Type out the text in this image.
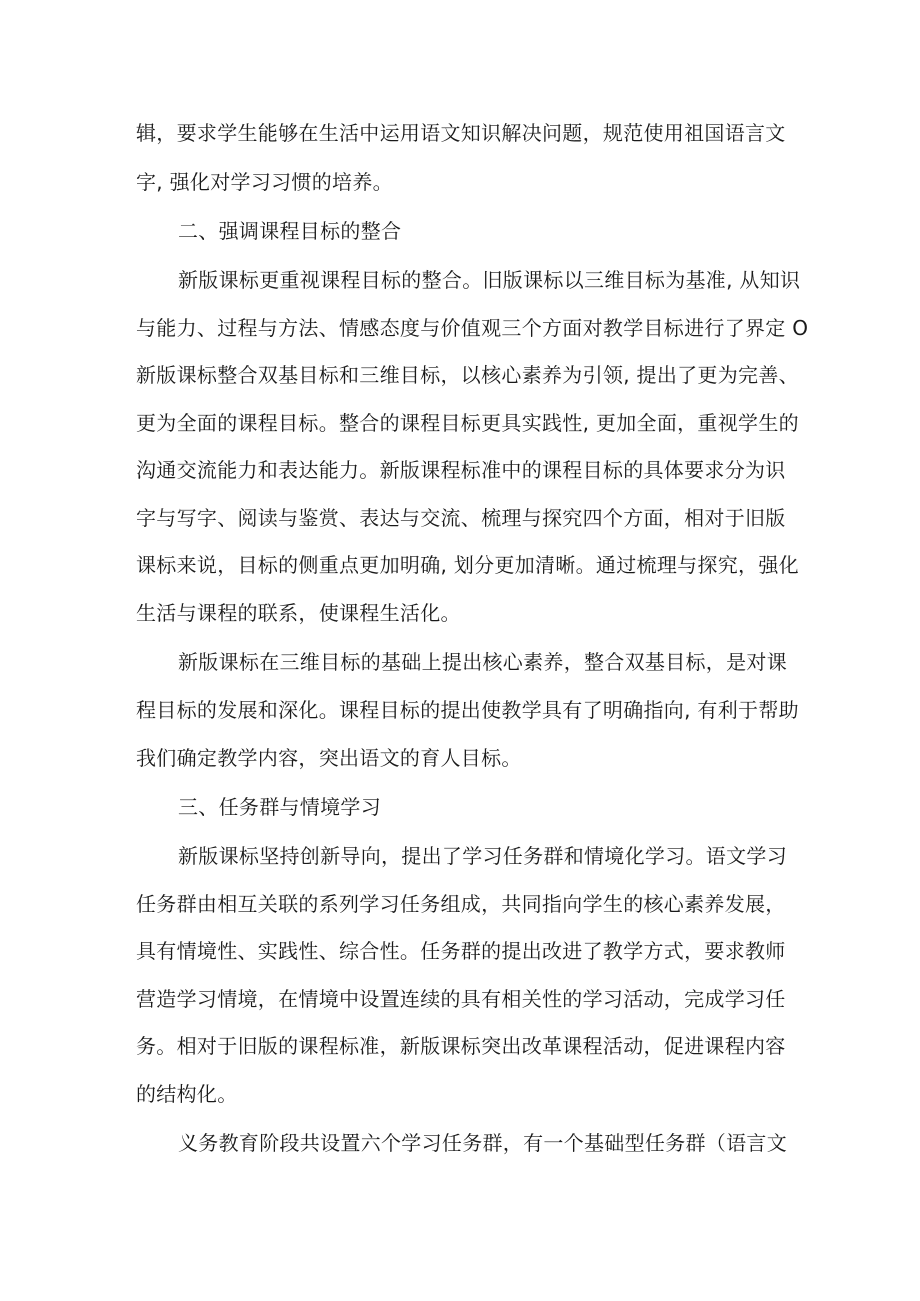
辑，要求学生能够在生活中运用语文知识解决问题，规范使用祖国语言文
字, 强化对学习习惯的培养。
二、强调课程目标的整合
新版课标更重视课程目标的整合。旧版课标以三维目标为基准, 从知识
与能力、过程与方法、情感态度与价值观三个方面对教学目标进行了界定 O
新版课标整合双基目标和三维目标，以核心素养为引领, 提出了更为完善、
更为全面的课程目标。整合的课程目标更具实践性, 更加全面，重视学生的
沟通交流能力和表达能力。新版课程标准中的课程目标的具体要求分为识
字与写字、阅读与鉴赏、表达与交流、梳理与探究四个方面，相对于旧版
课标来说，目标的侧重点更加明确, 划分更加清晰。通过梳理与探究，强化
生活与课程的联系，使课程生活化。
新版课标在三维目标的基础上提出核心素养，整合双基目标，是对课
程目标的发展和深化。课程目标的提出使教学具有了明确指向, 有利于帮助
我们确定教学内容，突出语文的育人目标。
三、任务群与情境学习
新版课标坚持创新导向，提出了学习任务群和情境化学习。语文学习
任务群由相互关联的系列学习任务组成，共同指向学生的核心素养发展，
具有情境性、实践性、综合性。任务群的提出改进了教学方式，要求教师
营造学习情境，在情境中设置连续的具有相关性的学习活动，完成学习任
务。相对于旧版的课程标准，新版课标突出改革课程活动，促进课程内容
的结构化。
义务教育阶段共设置六个学习任务群，有一个基础型任务群（语言文
